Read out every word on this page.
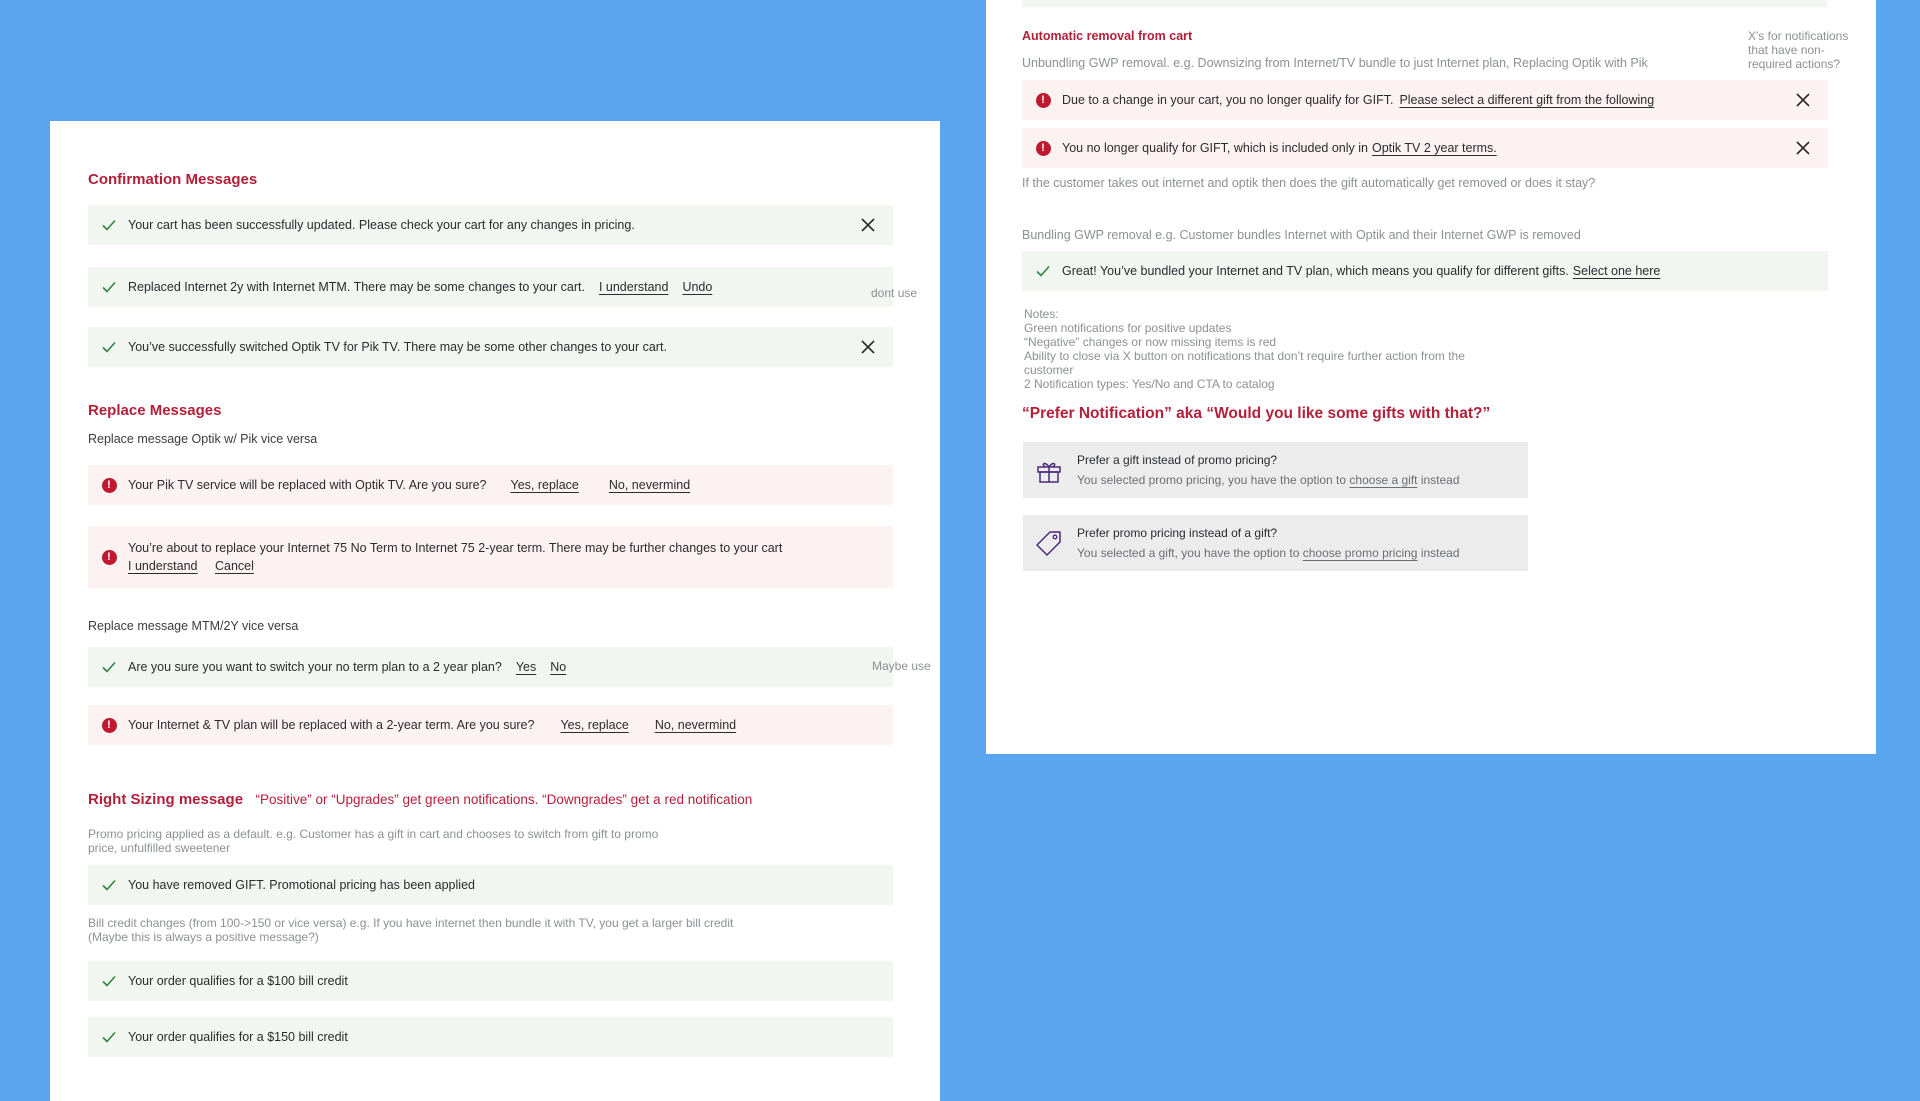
Confirmation Messages
Your cart has been successfully updated. Please check your cart for any changes in pricing.
Replaced Internet 2y with Internet MTM. There may be some changes to your cart. I understand Undo	dont use
You’ve successfully switched Optik TV for Pik TV. There may be some other changes to your cart.
Replace Messages
Replace message Optik w/ Pik vice versa
!	Your Pik TV service will be replaced with Optik TV. Are you sure? Yes, replace No, nevermind
!
You’re about to replace your Internet 75 No Term to Internet 75 2-year term. There may be further changes to your cart
I understand Cancel
Replace message MTM/2Y vice versa
Are you sure you want to switch your no term plan to a 2 year plan? Yes No	Maybe use
!	Your Internet & TV plan will be replaced with a 2-year term. Are you sure? Yes, replace No, nevermind
Right Sizing message “Positive” or “Upgrades” get green notifications. “Downgrades” get a red notification
Promo pricing applied as a default. e.g. Customer has a gift in cart and chooses to switch from gift to promo
price, unfulfilled sweetener
You have removed GIFT. Promotional pricing has been applied
Bill credit changes (from 100->150 or vice versa) e.g. If you have internet then bundle it with TV, you get a larger bill credit
(Maybe this is always a positive message?)
Your order qualifies for a $100 bill credit
Your order qualifies for a $150 bill credit
Automatic removal from cart
Unbundling GWP removal. e.g. Downsizing from Internet/TV bundle to just Internet plan, Replacing Optik with Pik
X's for notifications
that have non-
required actions?
!	Due to a change in your cart, you no longer qualify for GIFT. Please select a different gift from the following
!	You no longer qualify for GIFT, which is included only in Optik TV 2 year terms.
If the customer takes out internet and optik then does the gift automatically get removed or does it stay?
Bundling GWP removal e.g. Customer bundles Internet with Optik and their Internet GWP is removed
Great! You’ve bundled your Internet and TV plan, which means you qualify for different gifts. Select one here
Notes:
Green notifications for positive updates
“Negative” changes or now missing items is red
Ability to close via X button on notifications that don’t require further action from the
customer
2 Notification types: Yes/No and CTA to catalog
“Prefer Notification” aka “Would you like some gifts with that?”
Prefer a gift instead of promo pricing?
You selected promo pricing, you have the option to choose a gift instead
Prefer promo pricing instead of a gift?
You selected a gift, you have the option to choose promo pricing instead
